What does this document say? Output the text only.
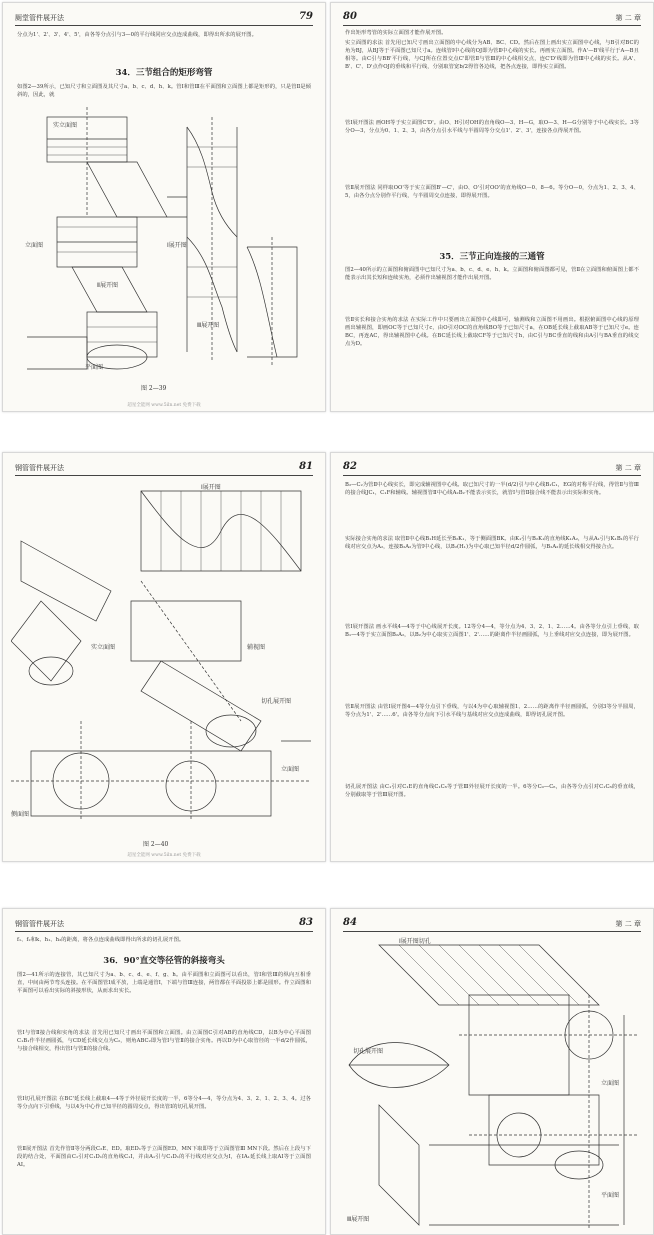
厕堂管件展开法	79
分点为1'、2'、3'、4'、5'，由各等分点引与3—0的平行线同应交点连成曲线，即得出所求的展开图。
34．三节组合的矩形弯管
如图2—39所示，已知尺寸和立面图及其尺寸a、b、c、d、h、k。管Ⅰ和管Ⅲ在平面图和立面图上都是矩形的，只是管Ⅱ是倾斜的，因此，就
实立面图
立面图	Ⅰ展开图
Ⅱ展开图
Ⅲ展开图
平面图
图 2—39
超星全能网 www.5iln.net 免费下载
80	第 二 章
作出矩形弯管的实际立面图才能作展开图。
实立面图的求法 首先用已知尺寸画出立面图的中心线分为AB、BC、CD。然后在图上画出实立面图中心线，与B引对BC的角为BJ，从BJ等于平面图已知尺寸a。连线管Ⅰ中心线的OJ即为管Ⅱ中心线的实长。再画实立面图。作A'—B'线平行于A—B且相等。由C引与BB'平行线，与CJ所在位置交点C'即管Ⅱ与管Ⅲ的中心线相交点，连C'D'线即为管Ⅲ中心线的实长。从A'、B'、C'、D'点作OJ的垂线和平行线，分别取管宽b/2得管各边线，把各点连接，即得实立面图。
管Ⅰ展开图法 画OH等于实立面图C'D'。由O、H引对OH的直角线O—3、H—G，取O—3、H—G分别等于中心线实长。3等分O—3，分点为0、1、2、3，由各分点引水平线与半圆周等分交点1'、2'、3'，连接各点得展开图。
管Ⅱ展开图法 同样取OO'等于实立面图B'—C'，由O、O'引对OO'的直角线O—0、8—6。等分O—0，分点为1、2、3、4、5，由各分点分别作平行线，与半圆周交点连接，即得展开图。
35．三节正向连接的三通管
图2—40所示的立面图和俯面图中已知尺寸为a、b、c、d、e、h、k。立面图和俯面图都可见，管Ⅱ在立面图和俯面图上都不能表示出其长短和连续实角，必须作出辅视图才能作出展开图。
管Ⅱ实长和接合实角的求法 在实际工作中只要画出立面图中心线即可，轴测线和立面图不用画出。根据俯面图中心线的原理画出辅视图，即画OC等于已知尺寸c，由O引对OC的直角线BO等于已知尺寸a，在OB延长线上截取AB等于已知尺寸e。连BC，再连AC，得出辅视图中心线。在BC延长线上截取CF等于已知尺寸h，由C引与BC垂直的线和由A引与BA垂直的线交点为D。
钢管管件展开法	81
实立面图	辅视图
切孔展开图
侧面图
立面图
Ⅰ展开图
图 2—40
超星全能网 www.5iln.net 免费下载
82	第 二 章
B₂—C₂为管Ⅱ中心线实长，即完成辅视图中心线。取已知尺寸的一半(d/2)引与中心线B₁C₁，EG的对称平行线，得管Ⅱ与管Ⅲ的接合线JC₁，C₁F和辅线。辅视图管Ⅱ中心线A₂B₂不能表示实长，就管Ⅰ与管Ⅱ接合线不能表示出实际和实角。
实际接合实角的求法 取管Ⅱ中心线B₁H延长至B₂K₁，等于侧面图BK。由K₁引与B₂K₁的直角线K₁A₂，与从A₁引与K₁B₁的平行线对应交点为A₂，连接B₂A₂为管Ⅰ中心线，以B₂(H₁)为中心取已知半径d/2作圆弧，与B₂A₂的延长线相交得接合点。
管Ⅰ展开图法 画水平线4—4等于中心线展开长度。12等分4—4，等分点为4、3、2、1、2……4。由各等分点引上垂线，取B₁—4等于实立面图B₂A₂，以B₂为中心取实立面图1'、2'……的距离作半径画圆弧，与上垂线对应交点连接，即为展开图。
管Ⅱ展开图法 由管Ⅰ展开图4—4等分点引下垂线，与以4为中心取辅视图1、2……的距离作半径画圆弧，分别3等分半圆周，等分点为1'、2'……6'。由各等分点向下引水平线与基线对应交点连成曲线，即得切孔展开图。
切孔展开图法 由C₁引对C₁E的直角线C₁C₆等于管Ⅲ外径展开长度的一半。6等分C₀—C₆，由各等分点引对C₁C₆的垂直线，分别截取等于管Ⅲ展开图。
钢管管件展开法	83
f₁、f₂和k、h₁、h₂的距离，将各点连成曲线即得出所求的切孔展开图。
36．90°直交等径管的斜接弯头
图2—41所示的连接管，其已知尺寸为a、b、c、d、e、f、g、h。由平面图和立面图可以看出，管Ⅰ和管Ⅲ的纵向互相垂直，中间由两节弯头连接。在平面图管Ⅰ成平放，上端是通管Ⅰ，下端与管Ⅲ连接，两管都在平面投影上都是圆形。作立面图和平面图可以看出实际的斜接形状，从而求出实长。
管Ⅰ与管Ⅱ接合线和实角的求法 首先用已知尺寸画出平面图和立面图。由立面图C引对AB的直角线CD，以B为中心平面图C₁B₁作半径画圆弧，与CD延长线交点为C₂，则角ABC₂即为管Ⅰ与管Ⅱ的接合实角。再以D为中心取管径的一半d/2作圆弧，与接合线相交，得出管Ⅰ与管Ⅱ的接合线。
管Ⅰ切孔展开图法 在BC'延长线上截取4—4等于外径展开长度的一半，6等分4—4，等分点为4、3、2、1、2、3、4。过各等分点向下引垂线，与以4为中心作已知半径的圆周交点，得出管Ⅰ的切孔展开图。
管Ⅱ展开图法 首先作管Ⅱ等分两段C₂E、ED。取ED₁等于立面图ED，MN下取即等于立面图管Ⅲ MN下段。然后在上段与下段的结合处，平面图由C₁引对C₁D₁的直角线C₁I，并由A₁引与C₁D₁的平行线对应交点为I，在IA₁延长线上取AI等于立面图AI。
84	第 二 章
Ⅰ展开图切孔
切孔展开图
立面图
平面图
Ⅲ展开图
